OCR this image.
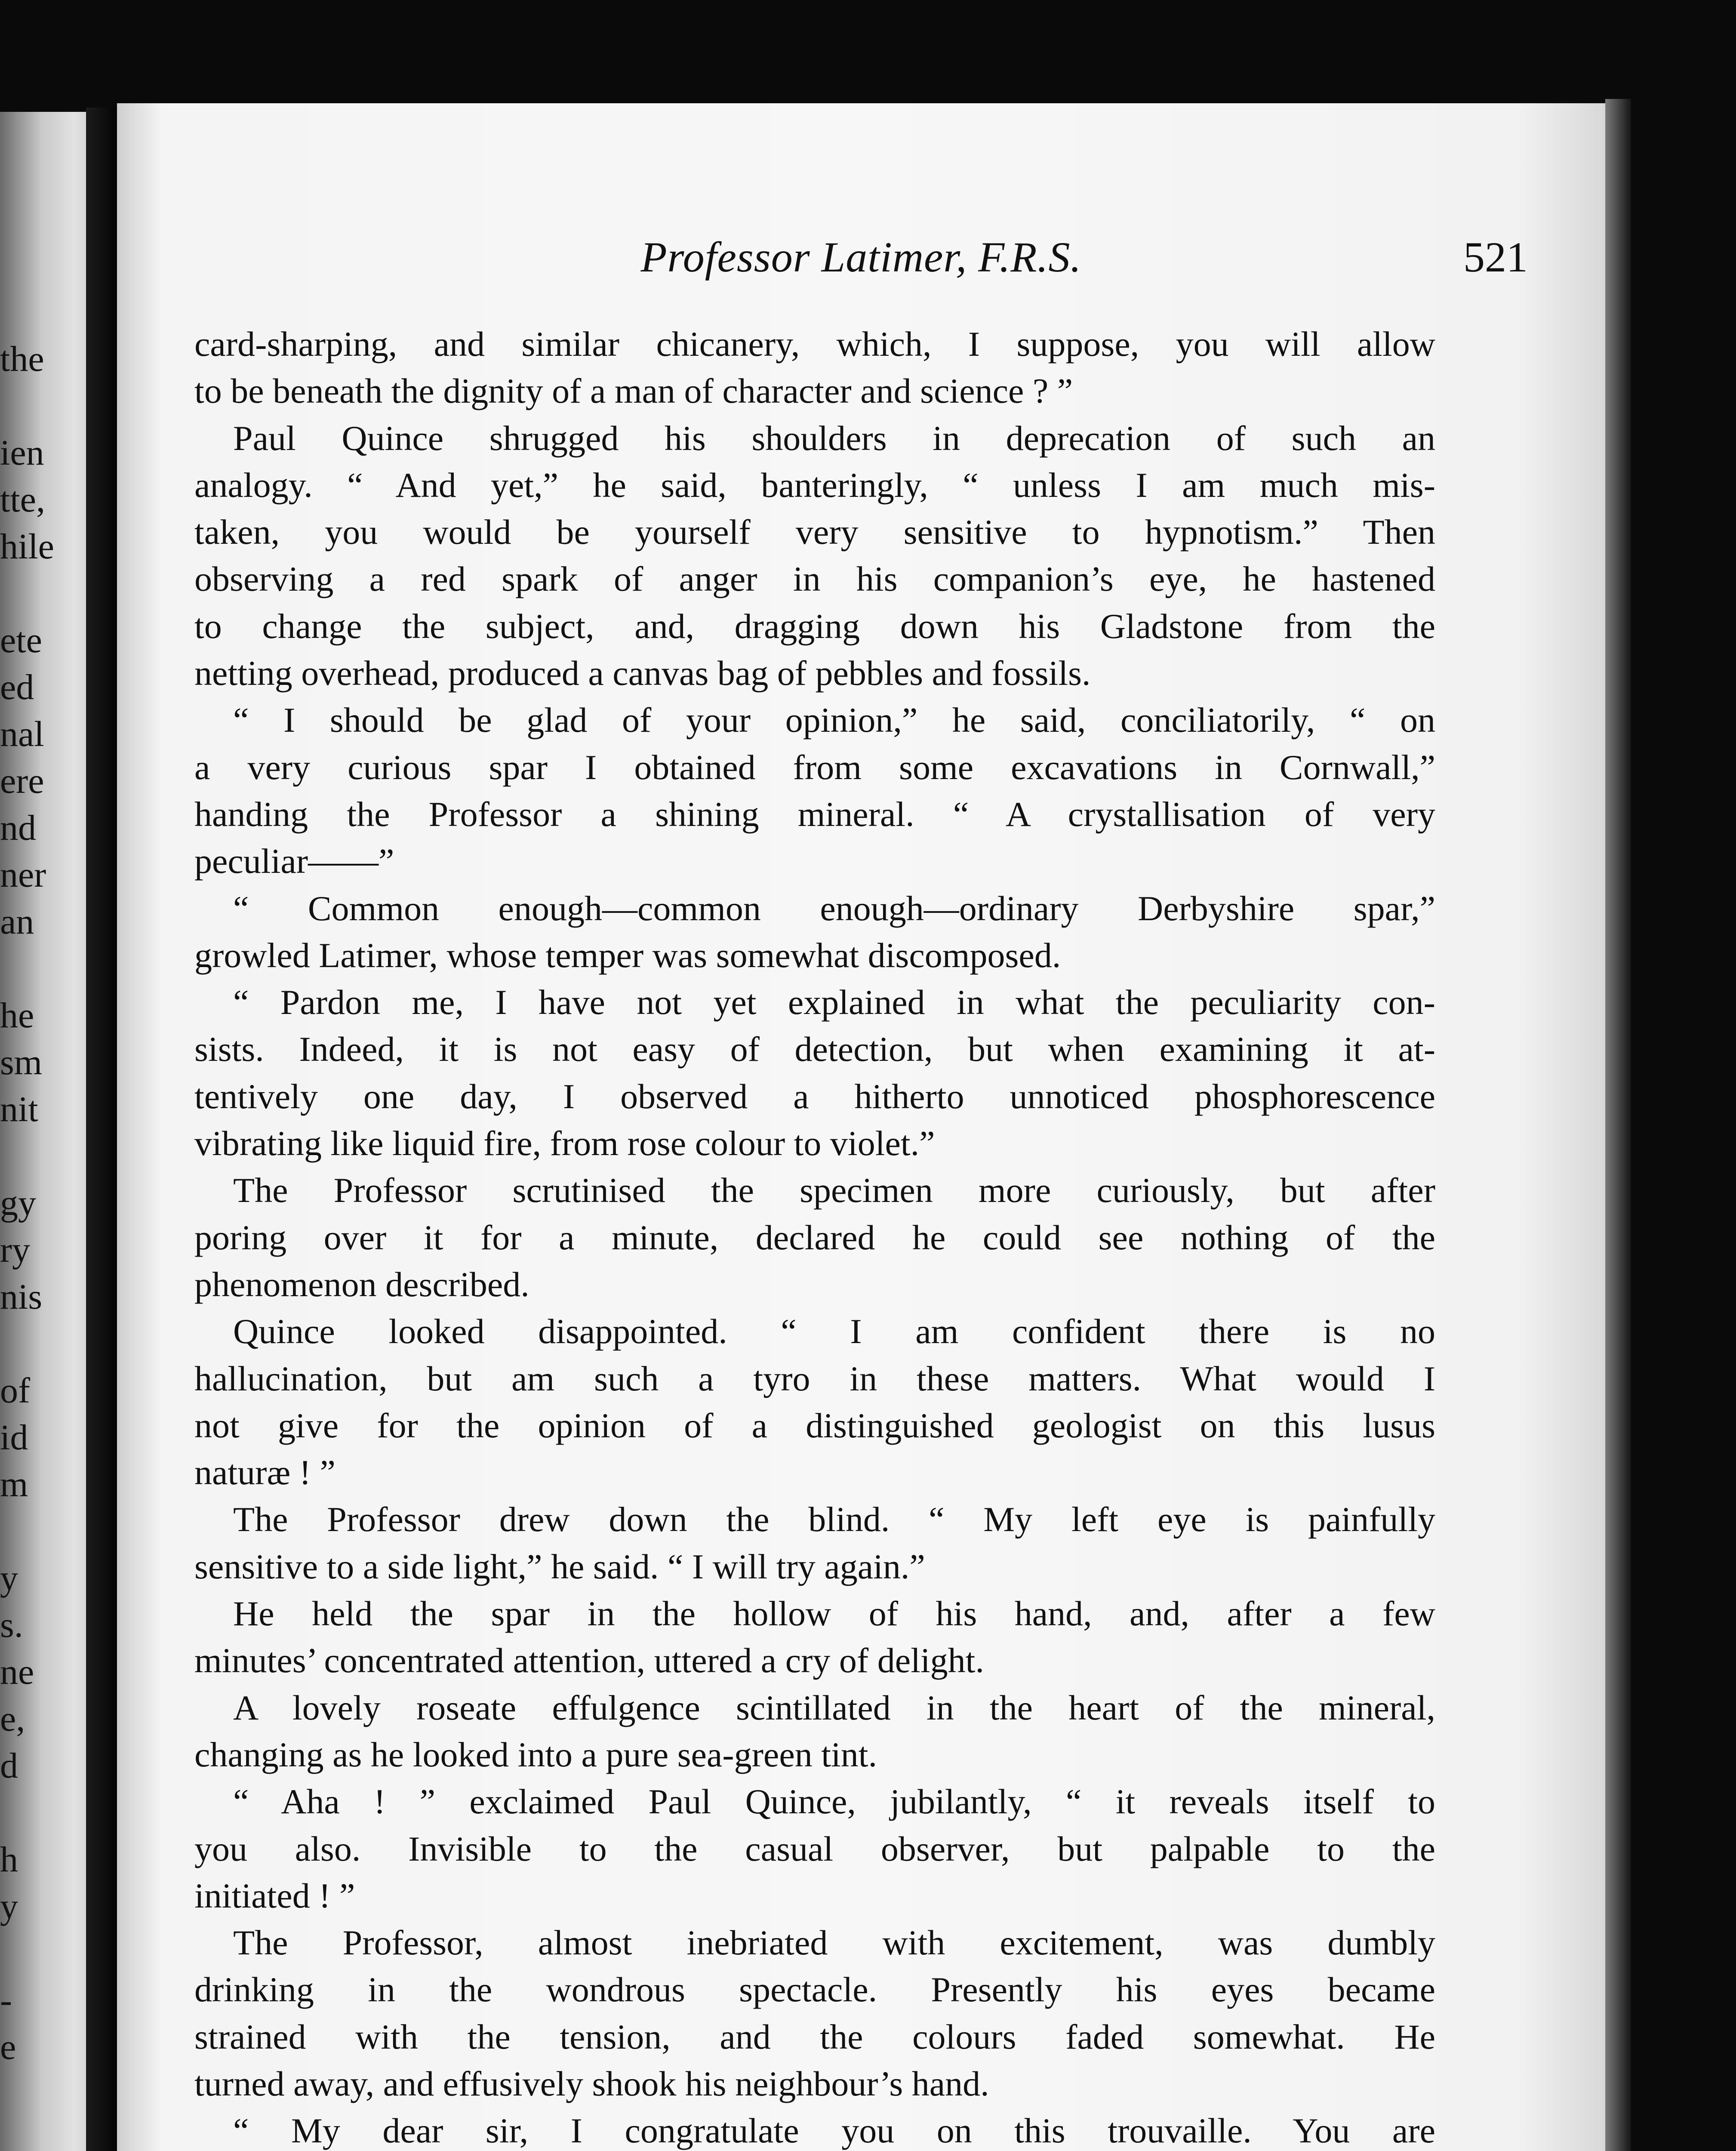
the
ien
tte,
hile
ete
ed
nal
ere
nd
ner
an
he
sm
nit
gy
ry
nis
of
id
m
y
s.
ne
e,
d
h
y
-
e
Professor Latimer, F.R.S.	521
card-sharping, and similar chicanery, which, I suppose, you will allow
to be beneath the dignity of a man of character and science ? ”
Paul Quince shrugged his shoulders in deprecation of such an
analogy. “ And yet,” he said, banteringly, “ unless I am much mis-
taken, you would be yourself very sensitive to hypnotism.” Then
observing a red spark of anger in his companion’s eye, he hastened
to change the subject, and, dragging down his Gladstone from the
netting overhead, produced a canvas bag of pebbles and fossils.
“ I should be glad of your opinion,” he said, conciliatorily, “ on
a very curious spar I obtained from some excavations in Cornwall,”
handing the Professor a shining mineral. “ A crystallisation of very
peculiar——”
“ Common enough—common enough—ordinary Derbyshire spar,”
growled Latimer, whose temper was somewhat discomposed.
“ Pardon me, I have not yet explained in what the peculiarity con-
sists. Indeed, it is not easy of detection, but when examining it at-
tentively one day, I observed a hitherto unnoticed phosphorescence
vibrating like liquid fire, from rose colour to violet.”
The Professor scrutinised the specimen more curiously, but after
poring over it for a minute, declared he could see nothing of the
phenomenon described.
Quince looked disappointed. “ I am confident there is no
hallucination, but am such a tyro in these matters. What would I
not give for the opinion of a distinguished geologist on this lusus
naturæ ! ”
The Professor drew down the blind. “ My left eye is painfully
sensitive to a side light,” he said. “ I will try again.”
He held the spar in the hollow of his hand, and, after a few
minutes’ concentrated attention, uttered a cry of delight.
A lovely roseate effulgence scintillated in the heart of the mineral,
changing as he looked into a pure sea-green tint.
“ Aha ! ” exclaimed Paul Quince, jubilantly, “ it reveals itself to
you also. Invisible to the casual observer, but palpable to the
initiated ! ”
The Professor, almost inebriated with excitement, was dumbly
drinking in the wondrous spectacle. Presently his eyes became
strained with the tension, and the colours faded somewhat. He
turned away, and effusively shook his neighbour’s hand.
“ My dear sir, I congratulate you on this trouvaille. You are
